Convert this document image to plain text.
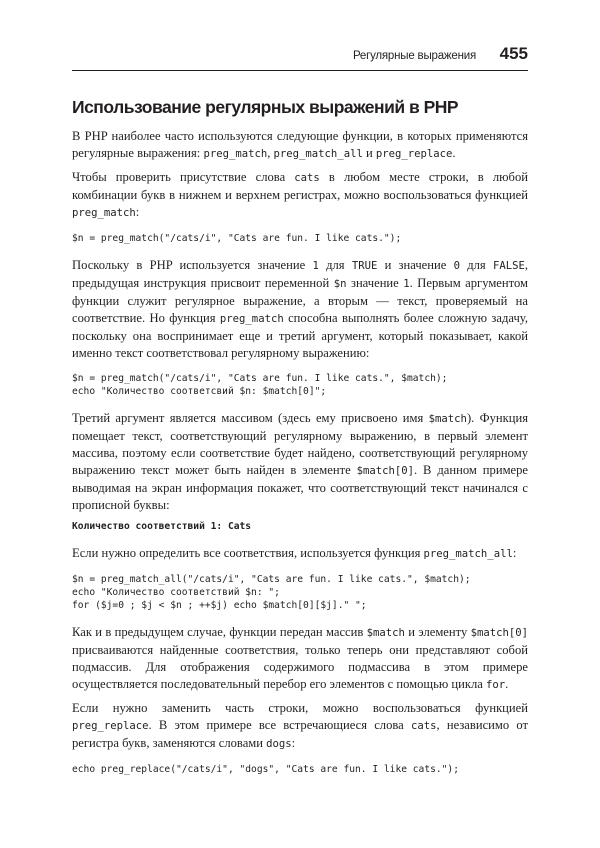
Регулярные выражения 455
Использование регулярных выражений в PHP

В PHP наиболее часто используются следующие функции, в которых применяются регулярные выражения: preg_match, preg_match_all и preg_replace.

Чтобы проверить присутствие слова cats в любом месте строки, в любой комбинации букв в нижнем и верхнем регистрах, можно воспользоваться функцией preg_match:

$n = preg_match("/cats/i", "Cats are fun. I like cats.");

Поскольку в PHP используется значение 1 для TRUE и значение 0 для FALSE, предыдущая инструкция присвоит переменной $n значение 1. Первым аргументом функции служит регулярное выражение, а вторым — текст, проверяемый на соответствие. Но функция preg_match способна выполнять более сложную задачу, поскольку она воспринимает еще и третий аргумент, который показывает, какой именно текст соответствовал регулярному выражению:

$n = preg_match("/cats/i", "Cats are fun. I like cats.", $match);
echo "Количество соответсвий $n: $match[0]";

Третий аргумент является массивом (здесь ему присвоено имя $match). Функция помещает текст, соответствующий регулярному выражению, в первый элемент массива, поэтому если соответствие будет найдено, соответствующий регулярному выражению текст может быть найден в элементе $match[0]. В данном примере выводимая на экран информация покажет, что соответствующий текст начинался с прописной буквы:

Количество соответствий 1: Cats

Если нужно определить все соответствия, используется функция preg_match_all:

$n = preg_match_all("/cats/i", "Cats are fun. I like cats.", $match);
echo "Количество соответствий $n: ";
for ($j=0 ; $j < $n ; ++$j) echo $match[0][$j]." ";

Как и в предыдущем случае, функции передан массив $match и элементу $match[0] присваиваются найденные соответствия, только теперь они представляют собой подмассив. Для отображения содержимого подмассива в этом примере осуществляется последовательный перебор его элементов с помощью цикла for.

Если нужно заменить часть строки, можно воспользоваться функцией preg_replace. В этом примере все встречающиеся слова cats, независимо от регистра букв, заменяются словами dogs:

echo preg_replace("/cats/i", "dogs", "Cats are fun. I like cats.");
